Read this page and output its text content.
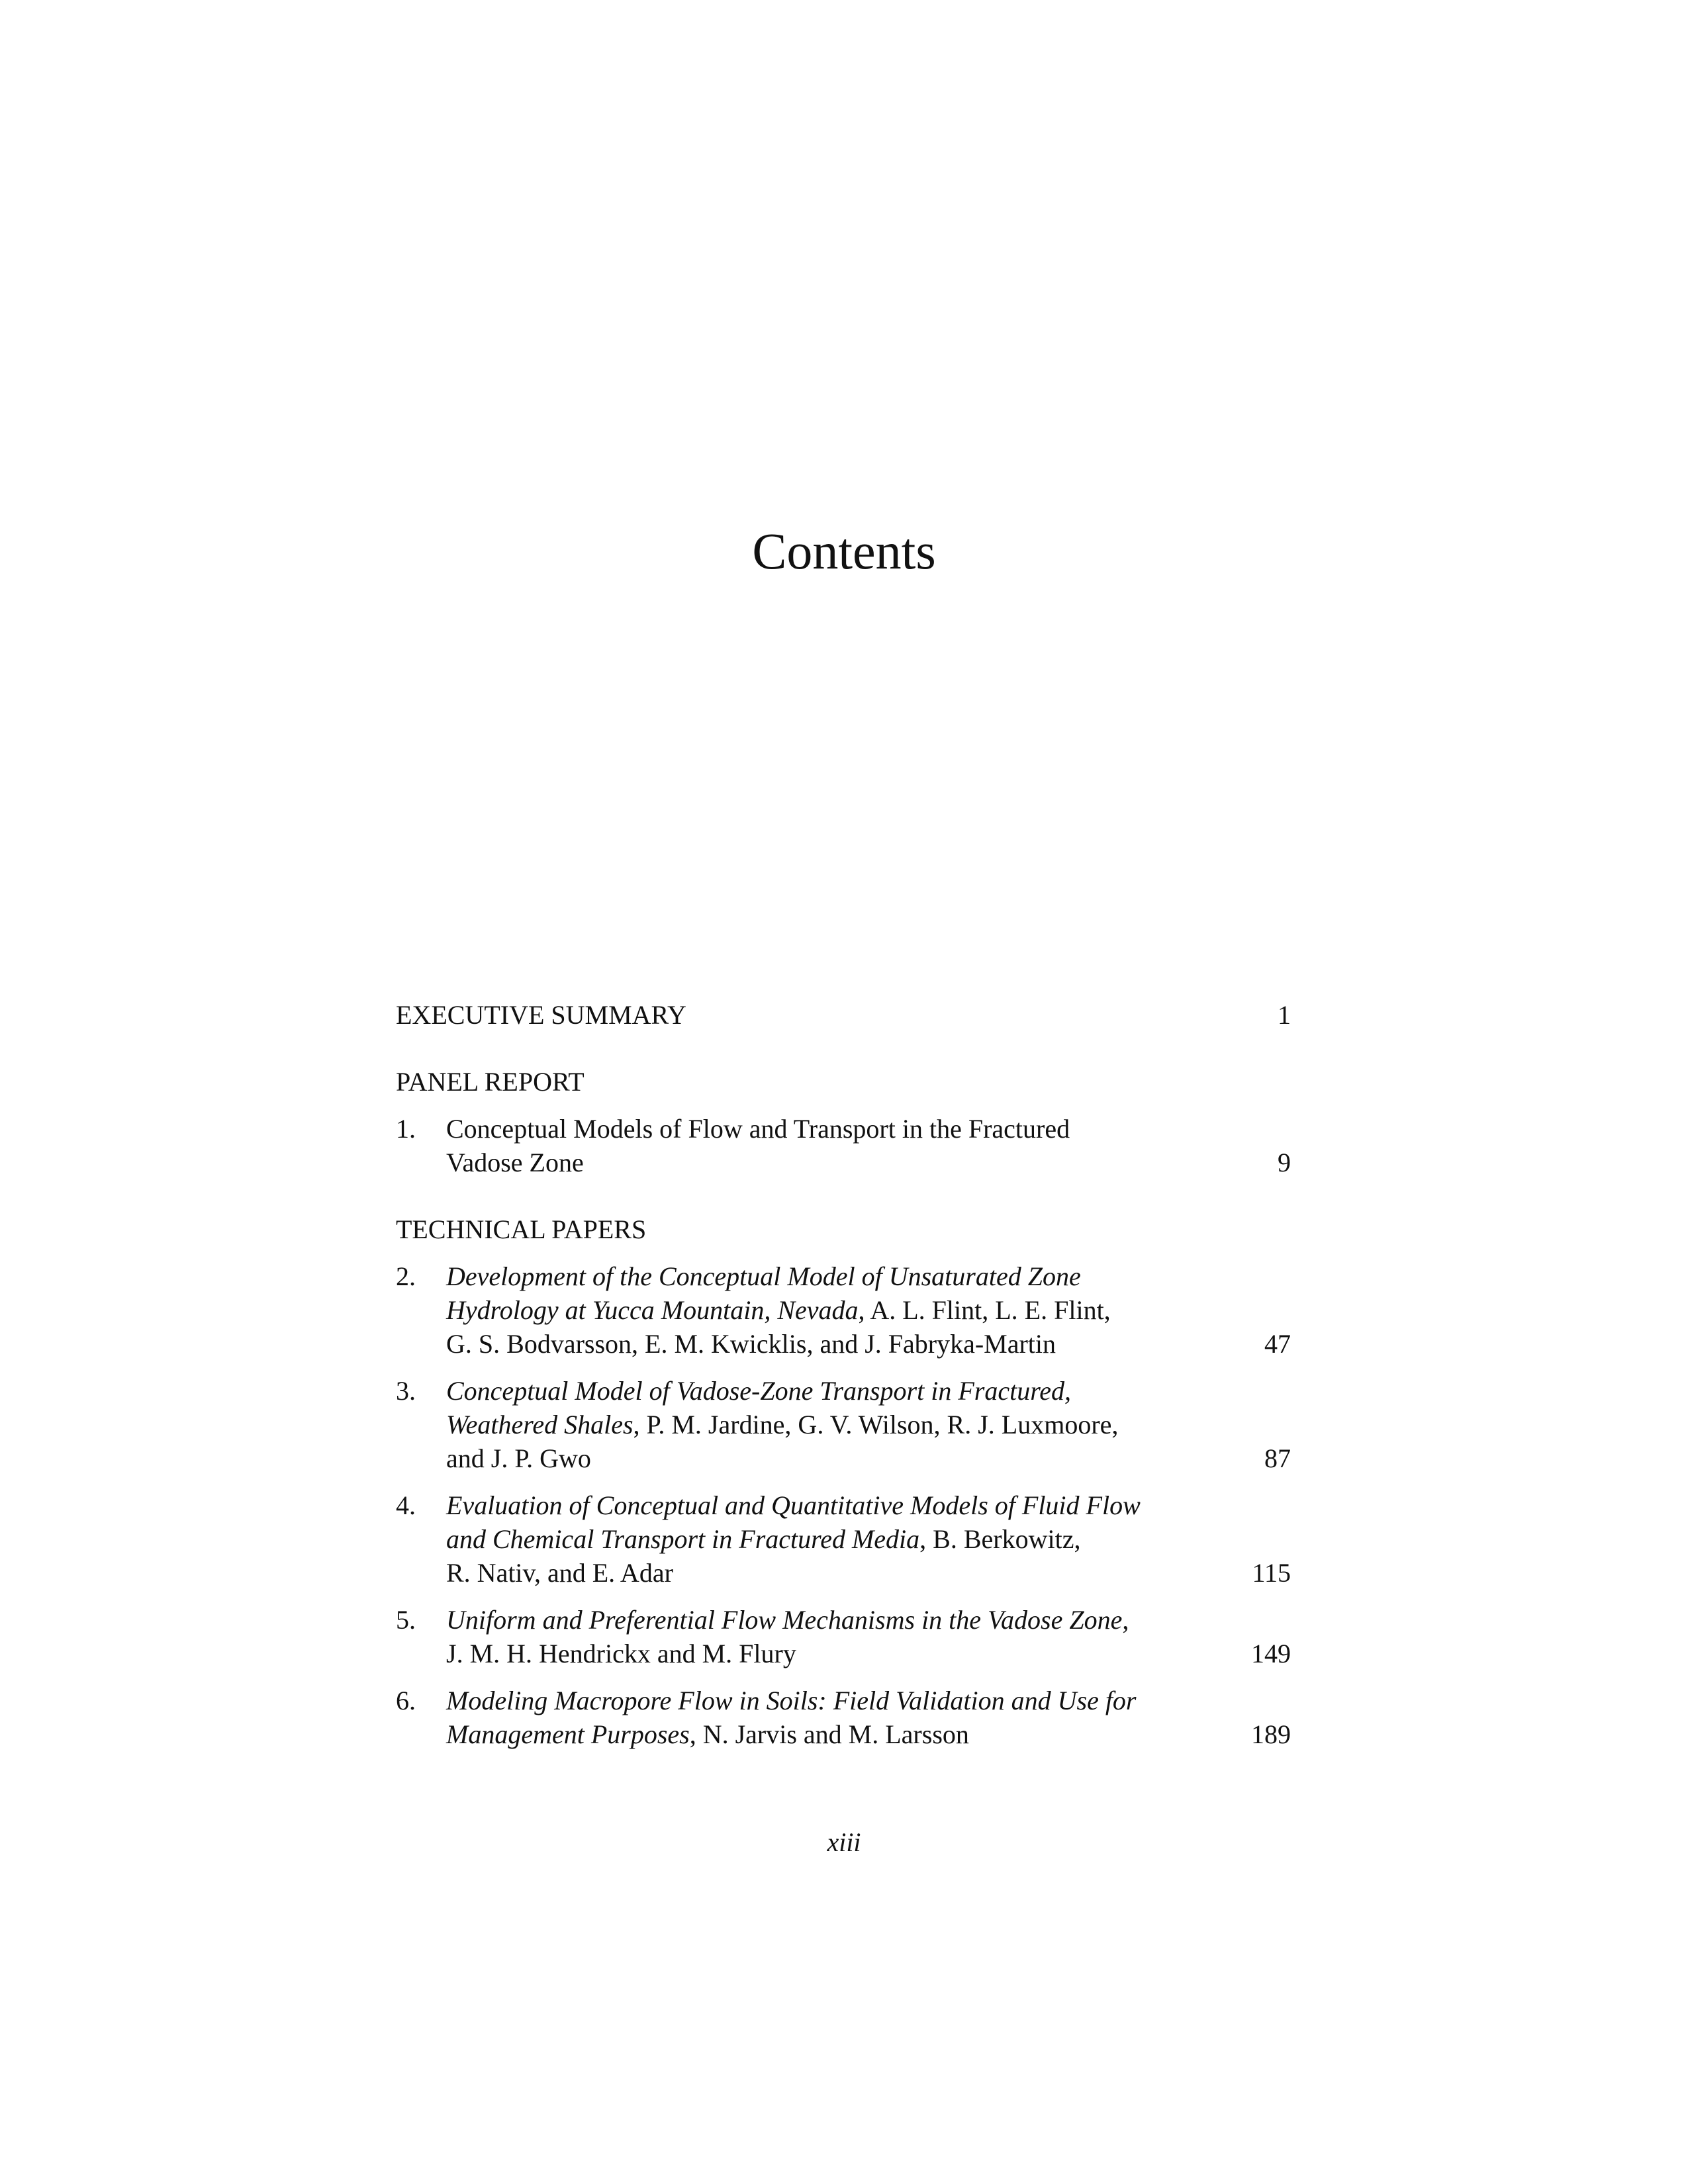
Contents
EXECUTIVE SUMMARY	1
PANEL REPORT
1.	Conceptual Models of Flow and Transport in the Fractured
Vadose Zone	9
TECHNICAL PAPERS
2.	Development of the Conceptual Model of Unsaturated Zone
Hydrology at Yucca Mountain, Nevada, A. L. Flint, L. E. Flint,
G. S. Bodvarsson, E. M. Kwicklis, and J. Fabryka-Martin	47
3.	Conceptual Model of Vadose-Zone Transport in Fractured,
Weathered Shales, P. M. Jardine, G. V. Wilson, R. J. Luxmoore,
and J. P. Gwo	87
4.	Evaluation of Conceptual and Quantitative Models of Fluid Flow
and Chemical Transport in Fractured Media, B. Berkowitz,
R. Nativ, and E. Adar	115
5.	Uniform and Preferential Flow Mechanisms in the Vadose Zone,
J. M. H. Hendrickx and M. Flury	149
6.	Modeling Macropore Flow in Soils: Field Validation and Use for
Management Purposes, N. Jarvis and M. Larsson	189
xiii
